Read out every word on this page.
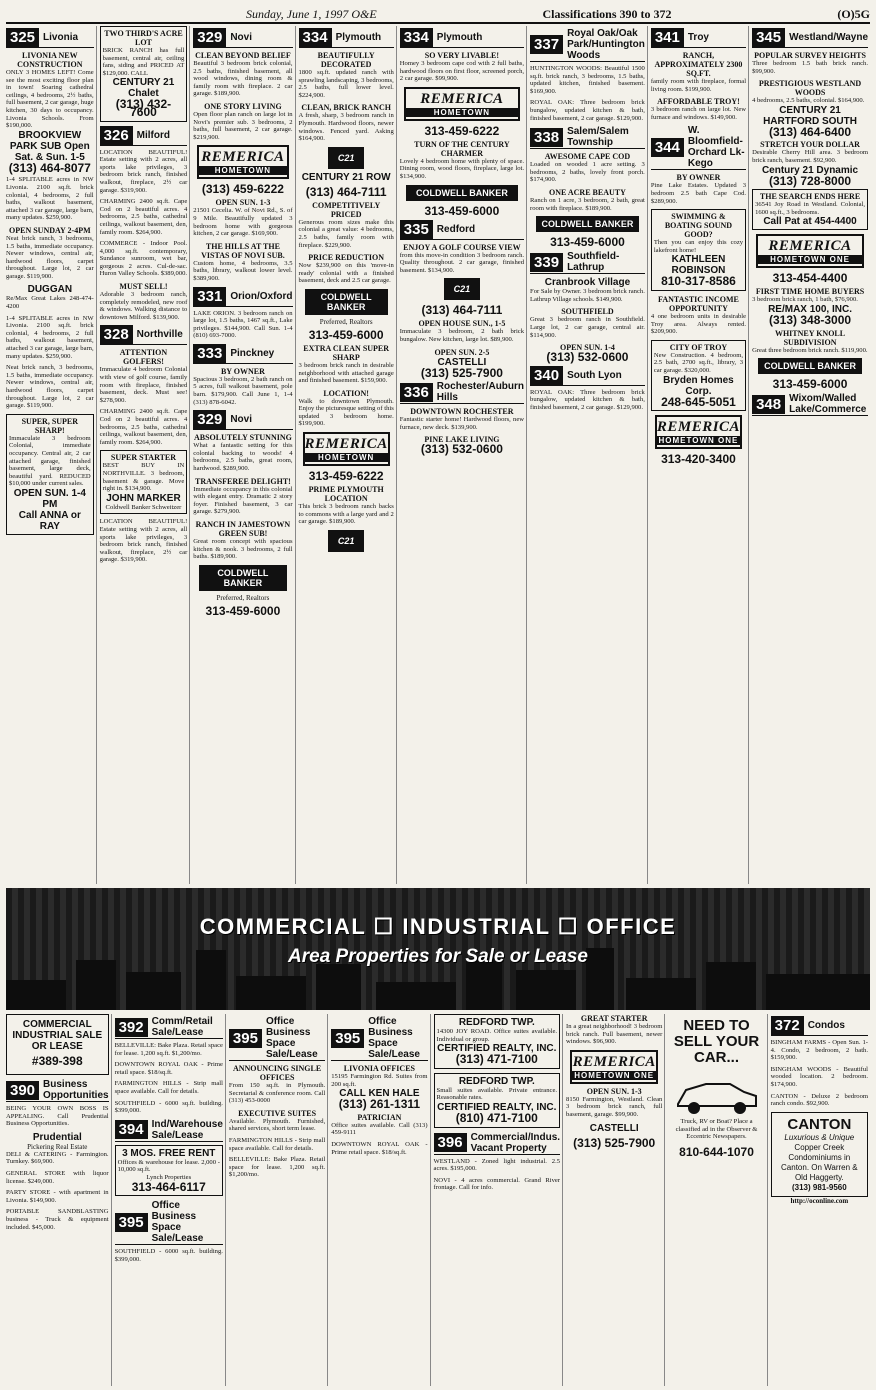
Sunday, June 1, 1997 O&E	Classifications 390 to 372	(O)5G
325 Livonia
LIVONIA NEW CONSTRUCTION
ONLY 3 HOMES LEFT! Come see the most exciting floor plan in town! Soaring cathedral ceilings, 4 bedrooms, 2½ baths, full basement, 2 car garage, huge kitchen, 30 days to occupancy. Livonia Schools. From $190,000.
BROOKVIEW PARK SUB Open Sat. & Sun. 1-5
(313) 464-8077
1-4 SPLITABLE acres in NW Livonia. 2100 sq.ft. brick colonial, 4 bedrooms, 2 full baths, walkout basement, attached 3 car garage, large barn, many updates. $259,900.
OPEN SUNDAY 2-4PM
Neat brick ranch, 3 bedrooms, 1.5 baths, immediate occupancy. Newer windows, central air, hardwood floors, carpet throughout. Large lot, 2 car garage. $119,900.
DUGGAN
Re/Max Great Lakes 248-474-4200
1-4 SPLITABLE acres in NW Livonia. 2100 sq.ft. brick colonial, 4 bedrooms, 2 full baths, walkout basement, attached 3 car garage, large barn, many updates. $259,900.
Neat brick ranch, 3 bedrooms, 1.5 baths, immediate occupancy. Newer windows, central air, hardwood floors, carpet throughout. Large lot, 2 car garage. $119,900.
SUPER, SUPER SHARP!
Immaculate 3 bedroom Colonial, immediate occupancy. Central air, 2 car attached garage, finished basement, large deck, beautiful yard. REDUCED $10,000 under current sales.
OPEN SUN. 1-4 PM
Call ANNA or RAY
TWO THIRD'S ACRE LOT
BRICK RANCH has full basement, central air, ceiling fans, siding and PRICED AT $129,000. CALL
CENTURY 21 Chalet
(313) 432-7600
326 Milford
LOCATION BEAUTIFUL! Estate setting with 2 acres, all sports lake privileges, 3 bedroom brick ranch, finished walkout, fireplace, 2½ car garage. $319,900.
CHARMING 2400 sq.ft. Cape Cod on 2 beautiful acres. 4 bedrooms, 2.5 baths, cathedral ceilings, walkout basement, den, family room. $264,900.
COMMERCE - Indoor Pool. 4,000 sq.ft. contemporary, Sundance sunroom, wet bar, gorgeous 2 acres. Cul-de-sac. Huron Valley Schools. $389,000.
MUST SELL!
Adorable 3 bedroom ranch, completely remodeled, new roof & windows. Walking distance to downtown Milford. $139,900.
328 Northville
ATTENTION GOLFERS!
Immaculate 4 bedroom Colonial with view of golf course, family room with fireplace, finished basement, deck. Must see! $278,900.
CHARMING 2400 sq.ft. Cape Cod on 2 beautiful acres. 4 bedrooms, 2.5 baths, cathedral ceilings, walkout basement, den, family room. $264,900.
SUPER STARTER
BEST BUY IN NORTHVILLE. 3 bedroom, basement & garage. Move right in. $134,900.
JOHN MARKER
Coldwell Banker Schweitzer
LOCATION BEAUTIFUL! Estate setting with 2 acres, all sports lake privileges, 3 bedroom brick ranch, finished walkout, fireplace, 2½ car garage. $319,900.
329 Novi
CLEAN BEYOND BELIEF
Beautiful 3 bedroom brick colonial, 2.5 baths, finished basement, all wood windows, dining room & family room with fireplace. 2 car garage. $189,900.
ONE STORY LIVING
Open floor plan ranch on large lot in Novi's premier sub. 3 bedrooms, 2 baths, full basement, 2 car garage. $219,900.
REMERICA
HOMETOWN
(313) 459-6222
OPEN SUN. 1-3
21501 Cecelia. W. of Novi Rd., S. of 9 Mile. Beautifully updated 3 bedroom home with gorgeous kitchen, 2 car garage. $169,900.
THE HILLS AT THE VISTAS OF NOVI SUB.
Custom home, 4 bedrooms, 3.5 baths, library, walkout lower level. $389,900.
331 Orion/Oxford
LAKE ORION. 3 bedroom ranch on large lot, 1.5 baths, 1467 sq.ft., Lake privileges. $144,900. Call Sun. 1-4 (810) 693-7000.
333 Pinckney
BY OWNER
Spacious 3 bedroom, 2 bath ranch on 5 acres, full walkout basement, pole barn. $179,900. Call June 1, 1-4 (313) 878-6042.
329 Novi
ABSOLUTELY STUNNING
What a fantastic setting for this colonial backing to woods! 4 bedrooms, 2.5 baths, great room, hardwood. $289,900.
TRANSFEREE DELIGHT!
Immediate occupancy in this colonial with elegant entry. Dramatic 2 story foyer. Finished basement, 3 car garage. $279,900.
RANCH IN JAMESTOWN GREEN SUB!
Great room concept with spacious kitchen & nook. 3 bedrooms, 2 full baths. $189,900.
COLDWELL BANKER
Preferred, Realtors
313-459-6000
334 Plymouth
BEAUTIFULLY DECORATED
1800 sq.ft. updated ranch with sprawling landscaping, 3 bedrooms, 2.5 baths, full lower level. $224,900.
CLEAN, BRICK RANCH
A fresh, sharp, 3 bedroom ranch in Plymouth. Hardwood floors, newer windows. Fenced yard. Asking $164,900.
C21
CENTURY 21 ROW
(313) 464-7111
COMPETITIVELY PRICED
Generous room sizes make this colonial a great value: 4 bedrooms, 2.5 baths, family room with fireplace. $229,900.
PRICE REDUCTION
Now $239,900 on this 'move-in ready' colonial with a finished basement, deck and 2.5 car garage.
COLDWELL BANKER
Preferred, Realtors
313-459-6000
EXTRA CLEAN SUPER SHARP
3 bedroom brick ranch in desirable neighborhood with attached garage and finished basement. $159,900.
LOCATION!
Walk to downtown Plymouth. Enjoy the picturesque setting of this updated 3 bedroom home. $199,900.
REMERICA
HOMETOWN
313-459-6222
PRIME PLYMOUTH LOCATION
This brick 3 bedroom ranch backs to commons with a large yard and 2 car garage. $189,900.
C21
334 Plymouth
SO VERY LIVABLE!
Homey 3 bedroom cape cod with 2 full baths, hardwood floors on first floor, screened porch, 2 car garage. $99,900.
REMERICA
HOMETOWN
313-459-6222
TURN OF THE CENTURY CHARMER
Lovely 4 bedroom home with plenty of space. Dining room, wood floors, fireplace, large lot. $134,900.
COLDWELL BANKER
313-459-6000
335 Redford
ENJOY A GOLF COURSE VIEW
from this move-in condition 3 bedroom ranch. Quality throughout. 2 car garage, finished basement. $134,900.
C21
(313) 464-7111
OPEN HOUSE SUN., 1-5
Immaculate 3 bedroom, 2 bath brick bungalow. New kitchen, large lot. $89,900.
OPEN SUN. 2-5
CASTELLI
(313) 525-7900
336 Rochester/Auburn Hills
DOWNTOWN ROCHESTER
Fantastic starter home! Hardwood floors, new furnace, new deck. $139,900.
PINE LAKE LIVING
(313) 532-0600
337
Royal Oak/Oak Park/Huntington Woods
HUNTINGTON WOODS: Beautiful 1500 sq.ft. brick ranch, 3 bedrooms, 1.5 baths, updated kitchen, finished basement. $169,900.
ROYAL OAK: Three bedroom brick bungalow, updated kitchen & bath, finished basement, 2 car garage. $129,900.
338 Salem/Salem Township
AWESOME CAPE COD
Loaded on wooded 1 acre setting. 3 bedrooms, 2 baths, lovely front porch. $174,900.
ONE ACRE BEAUTY
Ranch on 1 acre, 3 bedroom, 2 bath, great room with fireplace. $189,900.
COLDWELL BANKER
313-459-6000
339 Southfield-Lathrup
Cranbrook Village
For Sale by Owner. 3 bedroom brick ranch. Lathrup Village schools. $149,900.
SOUTHFIELD
Great 3 bedroom ranch in Southfield. Large lot, 2 car garage, central air. $114,900.
OPEN SUN. 1-4
(313) 532-0600
340 South Lyon
ROYAL OAK: Three bedroom brick bungalow, updated kitchen & bath, finished basement, 2 car garage. $129,900.
341 Troy
RANCH, APPROXIMATELY 2300 SQ.FT.
family room with fireplace, formal living room. $199,900.
AFFORDABLE TROY!
3 bedroom ranch on large lot. New furnace and windows. $149,900.
344
W. Bloomfield-Orchard Lk-Kego
BY OWNER
Pine Lake Estates. Updated 3 bedroom 2.5 bath Cape Cod. $289,900.
SWIMMING & BOATING SOUND GOOD?
Then you can enjoy this cozy lakefront home!
KATHLEEN ROBINSON
810-317-8586
FANTASTIC INCOME OPPORTUNITY
4 one bedroom units in desirable Troy area. Always rented. $209,900.
CITY OF TROY
New Construction. 4 bedroom, 2.5 bath, 2700 sq.ft., library, 3 car garage. $320,000.
Bryden Homes Corp.
248-645-5051
REMERICA
HOMETOWN ONE
313-420-3400
345 Westland/Wayne
POPULAR SURVEY HEIGHTS
Three bedroom 1.5 bath brick ranch. $99,900.
PRESTIGIOUS WESTLAND WOODS
4 bedrooms, 2.5 baths, colonial. $164,900.
CENTURY 21 HARTFORD SOUTH
(313) 464-6400
STRETCH YOUR DOLLAR
Desirable Cherry Hill area. 3 bedroom brick ranch, basement. $92,900.
Century 21 Dynamic
(313) 728-8000
THE SEARCH ENDS HERE
36541 Joy Road in Westland. Colonial, 1600 sq.ft., 3 bedrooms.
Call Pat at 454-4400
REMERICA
HOMETOWN ONE
313-454-4400
FIRST TIME HOME BUYERS
3 bedroom brick ranch, 1 bath, $76,900.
RE/MAX 100, INC.
(313) 348-3000
WHITNEY KNOLL SUBDIVISION
Great three bedroom brick ranch. $119,900.
COLDWELL BANKER
313-459-6000
348 Wixom/Walled Lake/Commerce
COMMERCIAL ☐ INDUSTRIAL ☐ OFFICE
Area Properties for Sale or Lease
COMMERCIAL INDUSTRIAL SALE OR LEASE
#389-398
390 Business Opportunities
BEING YOUR OWN BOSS IS APPEALING. Call Prudential Business Opportunities.
Prudential
Pickering Real Estate
DELI & CATERING - Farmington. Turnkey. $69,900.
GENERAL STORE with liquor license. $249,000.
PARTY STORE - with apartment in Livonia. $149,900.
PORTABLE SANDBLASTING business - Truck & equipment included. $45,000.
392 Comm/Retail Sale/Lease
BELLEVILLE: Bake Plaza. Retail space for lease. 1,200 sq.ft. $1,200/mo.
DOWNTOWN ROYAL OAK - Prime retail space. $18/sq.ft.
FARMINGTON HILLS - Strip mall space available. Call for details.
SOUTHFIELD - 6000 sq.ft. building. $399,000.
394 Ind/Warehouse Sale/Lease
3 MOS. FREE RENT
Offices & warehouse for lease. 2,000 - 10,000 sq.ft.
Lynch Properties
313-464-6117
395
Office Business Space Sale/Lease
SOUTHFIELD - 6000 sq.ft. building. $399,000.
395
Office Business Space Sale/Lease
ANNOUNCING SINGLE OFFICES
From 150 sq.ft. in Plymouth. Secretarial & conference room. Call (313) 453-0000
EXECUTIVE SUITES
Available. Plymouth. Furnished, shared services, short term lease.
FARMINGTON HILLS - Strip mall space available. Call for details.
BELLEVILLE: Bake Plaza. Retail space for lease. 1,200 sq.ft. $1,200/mo.
395
Office Business Space Sale/Lease
LIVONIA OFFICES
15195 Farmington Rd. Suites from 200 sq.ft.
CALL KEN HALE
(313) 261-1311
PATRICIAN
Office suites available. Call (313) 459-9111
DOWNTOWN ROYAL OAK - Prime retail space. $18/sq.ft.
REDFORD TWP.
14300 JOY ROAD. Office suites available. Individual or group.
CERTIFIED REALTY, INC.
(313) 471-7100
REDFORD TWP.
Small suites available. Private entrance. Reasonable rates.
CERTIFIED REALTY, INC.
(810) 471-7100
396 Commercial/Indus. Vacant Property
WESTLAND - Zoned light industrial. 2.5 acres. $195,000.
NOVI - 4 acres commercial. Grand River frontage. Call for info.
GREAT STARTER
In a great neighborhood! 3 bedroom brick ranch. Full basement, newer windows. $96,900.
REMERICA
HOMETOWN ONE
OPEN SUN. 1-3
8150 Farmington, Westland. Clean 3 bedroom brick ranch, full basement, garage. $99,900.
CASTELLI
(313) 525-7900
NEED TO SELL YOUR CAR...
Truck, RV or Boat? Place a classified ad in the Observer & Eccentric Newspapers.
810-644-1070
372 Condos
BINGHAM FARMS - Open Sun. 1-4. Condo, 2 bedroom, 2 bath. $159,900.
BINGHAM WOODS - Beautiful wooded location. 2 bedroom. $174,900.
CANTON - Deluxe 2 bedroom ranch condo. $92,900.
CANTON
Luxurious & Unique
Copper Creek Condominiums in Canton. On Warren & Old Haggerty.
(313) 981-9560
http://oconline.com
